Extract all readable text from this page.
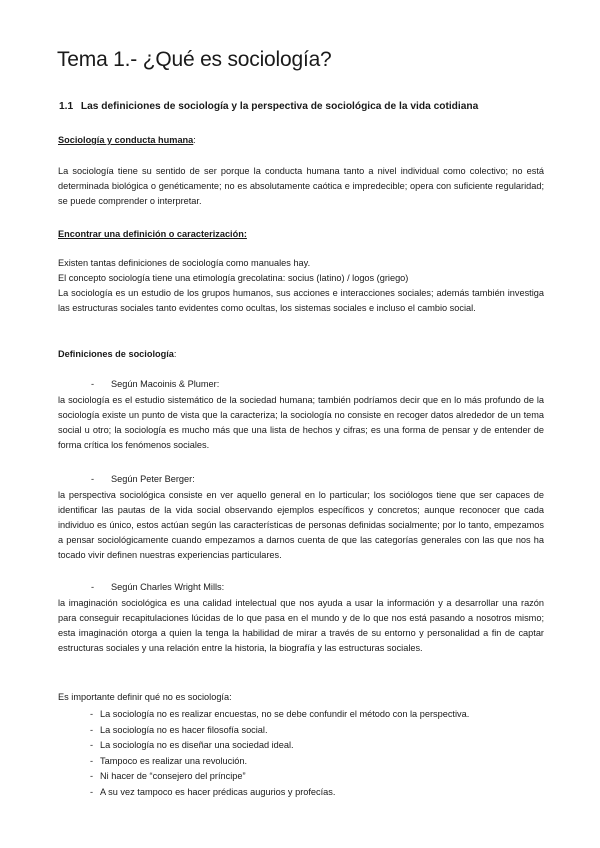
Tema 1.- ¿Qué es sociología?
1.1 Las definiciones de sociología y la perspectiva de sociológica de la vida cotidiana
Sociología y conducta humana:

La sociología tiene su sentido de ser porque la conducta humana tanto a nivel individual como colectivo; no está determinada biológica o genéticamente; no es absolutamente caótica e impredecible; opera con suficiente regularidad; se puede comprender o interpretar.

Encontrar una definición o caracterización:

Existen tantas definiciones de sociología como manuales hay.

El concepto sociología tiene una etimología grecolatina: socius (latino) / logos (griego)

La sociología es un estudio de los grupos humanos, sus acciones e interacciones sociales; además también investiga las estructuras sociales tanto evidentes como ocultas, los sistemas sociales e incluso el cambio social.

Definiciones de sociología:
- Según Macoinis & Plumer:

la sociología es el estudio sistemático de la sociedad humana; también podríamos decir que en lo más profundo de la sociología existe un punto de vista que la caracteriza; la sociología no consiste en recoger datos alrededor de un tema social u otro; la sociología es mucho más que una lista de hechos y cifras; es una forma de pensar y de entender de forma crítica los fenómenos sociales.

- Según Peter Berger:

la perspectiva sociológica consiste en ver aquello general en lo particular; los sociólogos tiene que ser capaces de identificar las pautas de la vida social observando ejemplos específicos y concretos; aunque reconocer que cada individuo es único, estos actúan según las características de personas definidas socialmente; por lo tanto, empezamos a pensar sociológicamente cuando empezamos a darnos cuenta de que las categorías generales con las que nos ha tocado vivir definen nuestras experiencias particulares.

- Según Charles Wright Mills:

la imaginación sociológica es una calidad intelectual que nos ayuda a usar la información y a desarrollar una razón para conseguir recapitulaciones lúcidas de lo que pasa en el mundo y de lo que nos está pasando a nosotros mismo; esta imaginación otorga a quien la tenga la habilidad de mirar a través de su entorno y personalidad a fin de captar estructuras sociales y una relación entre la historia, la biografía y las estructuras sociales.

Es importante definir qué no es sociología:
- La sociología no es realizar encuestas, no se debe confundir el método con la perspectiva.
- La sociología no es hacer filosofía social.
- La sociología no es diseñar una sociedad ideal.
- Tampoco es realizar una revolución.
- Ni hacer de “consejero del príncipe”
- A su vez tampoco es hacer prédicas augurios y profecías.
